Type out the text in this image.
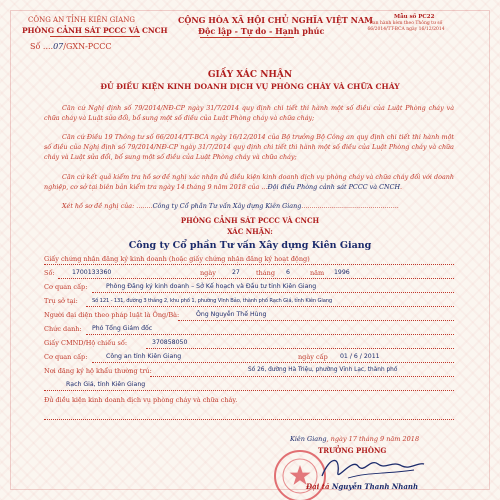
CÔNG AN TỈNH KIÊN GIANG
PHÒNG CẢNH SÁT PCCC VÀ CNCH
Số ....07/GXN-PCCC
CỘNG HÒA XÃ HỘI CHỦ NGHĨA VIỆT NAM
Độc lập - Tự do - Hạnh phúc
Mẫu số PC22
Ban hành kèm theo Thông tư số 66/2014/TT-BCA ngày 16/12/2014
GIẤY XÁC NHẬN
ĐỦ ĐIỀU KIỆN KINH DOANH DỊCH VỤ PHÒNG CHÁY VÀ CHỮA CHÁY
Căn cứ Nghị định số 79/2014/NĐ-CP ngày 31/7/2014 quy định chi tiết thi hành một số điều của Luật Phòng cháy và chữa cháy và Luật sửa đổi, bổ sung một số điều của Luật Phòng cháy và chữa cháy;
Căn cứ Điều 19 Thông tư số 66/2014/TT-BCA ngày 16/12/2014 của Bộ trưởng Bộ Công an quy định chi tiết thi hành một số điều của Nghị định số 79/2014/NĐ-CP ngày 31/7/2014 quy định chi tiết thi hành một số điều của Luật Phòng cháy và chữa cháy và Luật sửa đổi, bổ sung một số điều của Luật Phòng cháy và chữa cháy;
Căn cứ kết quả kiểm tra hồ sơ đề nghị xác nhận đủ điều kiện kinh doanh dịch vụ phòng cháy và chữa cháy đối với doanh nghiệp, cơ sở tại biên bản kiểm tra ngày 14 tháng 9 năm 2018 của ...Đội điều Phòng cảnh sát PCCC và CNCH.
Xét hồ sơ đề nghị của: ........Công ty Cổ phần Tư vấn Xây dựng Kiên Giang................................................
PHÒNG CẢNH SÁT PCCC VÀ CNCH
XÁC NHẬN:
Công ty Cổ phần Tư vấn Xây dựng Kiên Giang
Giấy chứng nhận đăng ký kinh doanh (hoặc giấy chứng nhận đăng ký hoạt động)
Số:	1700133360	ngày	27	tháng	6	năm	1996
Cơ quan cấp:	Phòng Đăng ký kinh doanh – Sở Kế hoạch và Đầu tư tỉnh Kiên Giang
Trụ sở tại:	Số 121 - 131, đường 3 tháng 2, khu phố 1, phường Vĩnh Bảo, thành phố Rạch Giá, tỉnh Kiên Giang
Người đại diện theo pháp luật là Ông/Bà:	Ông Nguyễn Thế Hùng
Chức danh: Phó Tổng Giám đốc
Giấy CMND/Hộ chiếu số:	370858050
Cơ quan cấp:	Công an tỉnh Kiên Giang	ngày cấp	01 / 6 / 2011
Nơi đăng ký hộ khẩu thường trú:	Số 26, đường Hà Triệu, phường Vĩnh Lạc, thành phố
Rạch Giá, tỉnh Kiên Giang
Đủ điều kiện kinh doanh dịch vụ phòng cháy và chữa cháy.
Kiên Giang, ngày 17 tháng 9 năm 2018
TRƯỞNG PHÒNG
Đại tá Nguyễn Thanh Nhanh
